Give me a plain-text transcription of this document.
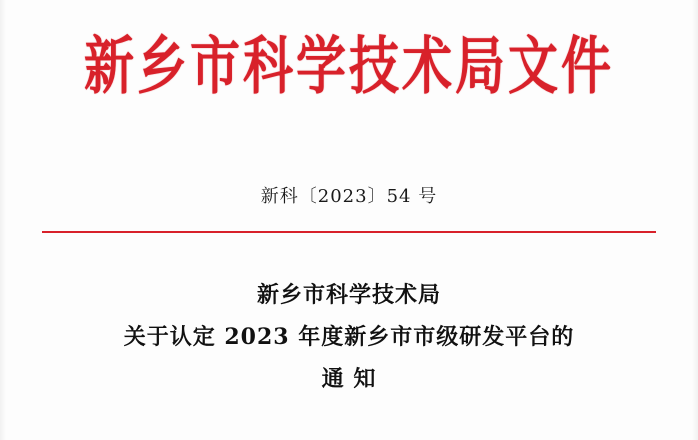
新乡市科学技术局文件
新科〔2023〕54 号
新乡市科学技术局
关于认定 2023 年度新乡市市级研发平台的
通 知
